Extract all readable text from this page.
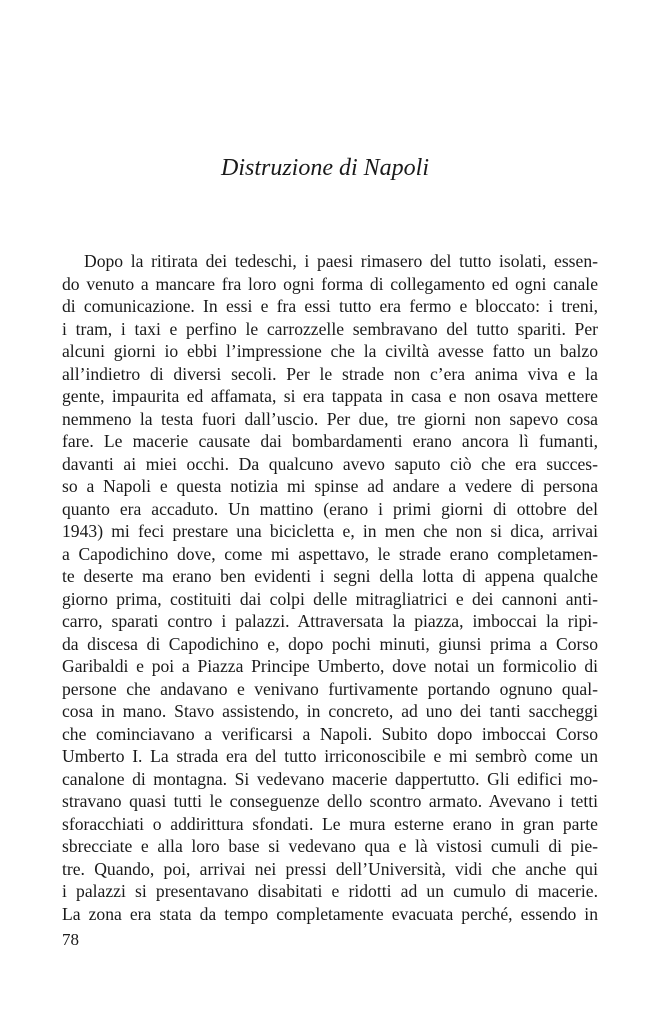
Distruzione di Napoli
Dopo la ritirata dei tedeschi, i paesi rimasero del tutto isolati, essen-
do venuto a mancare fra loro ogni forma di collegamento ed ogni canale
di comunicazione. In essi e fra essi tutto era fermo e bloccato: i treni,
i tram, i taxi e perfino le carrozzelle sembravano del tutto spariti. Per
alcuni giorni io ebbi l’impressione che la civiltà avesse fatto un balzo
all’indietro di diversi secoli. Per le strade non c’era anima viva e la
gente, impaurita ed affamata, si era tappata in casa e non osava mettere
nemmeno la testa fuori dall’uscio. Per due, tre giorni non sapevo cosa
fare. Le macerie causate dai bombardamenti erano ancora lì fumanti,
davanti ai miei occhi. Da qualcuno avevo saputo ciò che era succes-
so a Napoli e questa notizia mi spinse ad andare a vedere di persona
quanto era accaduto. Un mattino (erano i primi giorni di ottobre del
1943) mi feci prestare una bicicletta e, in men che non si dica, arrivai
a Capodichino dove, come mi aspettavo, le strade erano completamen-
te deserte ma erano ben evidenti i segni della lotta di appena qualche
giorno prima, costituiti dai colpi delle mitragliatrici e dei cannoni anti-
carro, sparati contro i palazzi. Attraversata la piazza, imboccai la ripi-
da discesa di Capodichino e, dopo pochi minuti, giunsi prima a Corso
Garibaldi e poi a Piazza Principe Umberto, dove notai un formicolio di
persone che andavano e venivano furtivamente portando ognuno qual-
cosa in mano. Stavo assistendo, in concreto, ad uno dei tanti saccheggi
che cominciavano a verificarsi a Napoli. Subito dopo imboccai Corso
Umberto I. La strada era del tutto irriconoscibile e mi sembrò come un
canalone di montagna. Si vedevano macerie dappertutto. Gli edifici mo-
stravano quasi tutti le conseguenze dello scontro armato. Avevano i tetti
sforacchiati o addirittura sfondati. Le mura esterne erano in gran parte
sbrecciate e alla loro base si vedevano qua e là vistosi cumuli di pie-
tre. Quando, poi, arrivai nei pressi dell’Università, vidi che anche qui
i palazzi si presentavano disabitati e ridotti ad un cumulo di macerie.
La zona era stata da tempo completamente evacuata perché, essendo in
78
